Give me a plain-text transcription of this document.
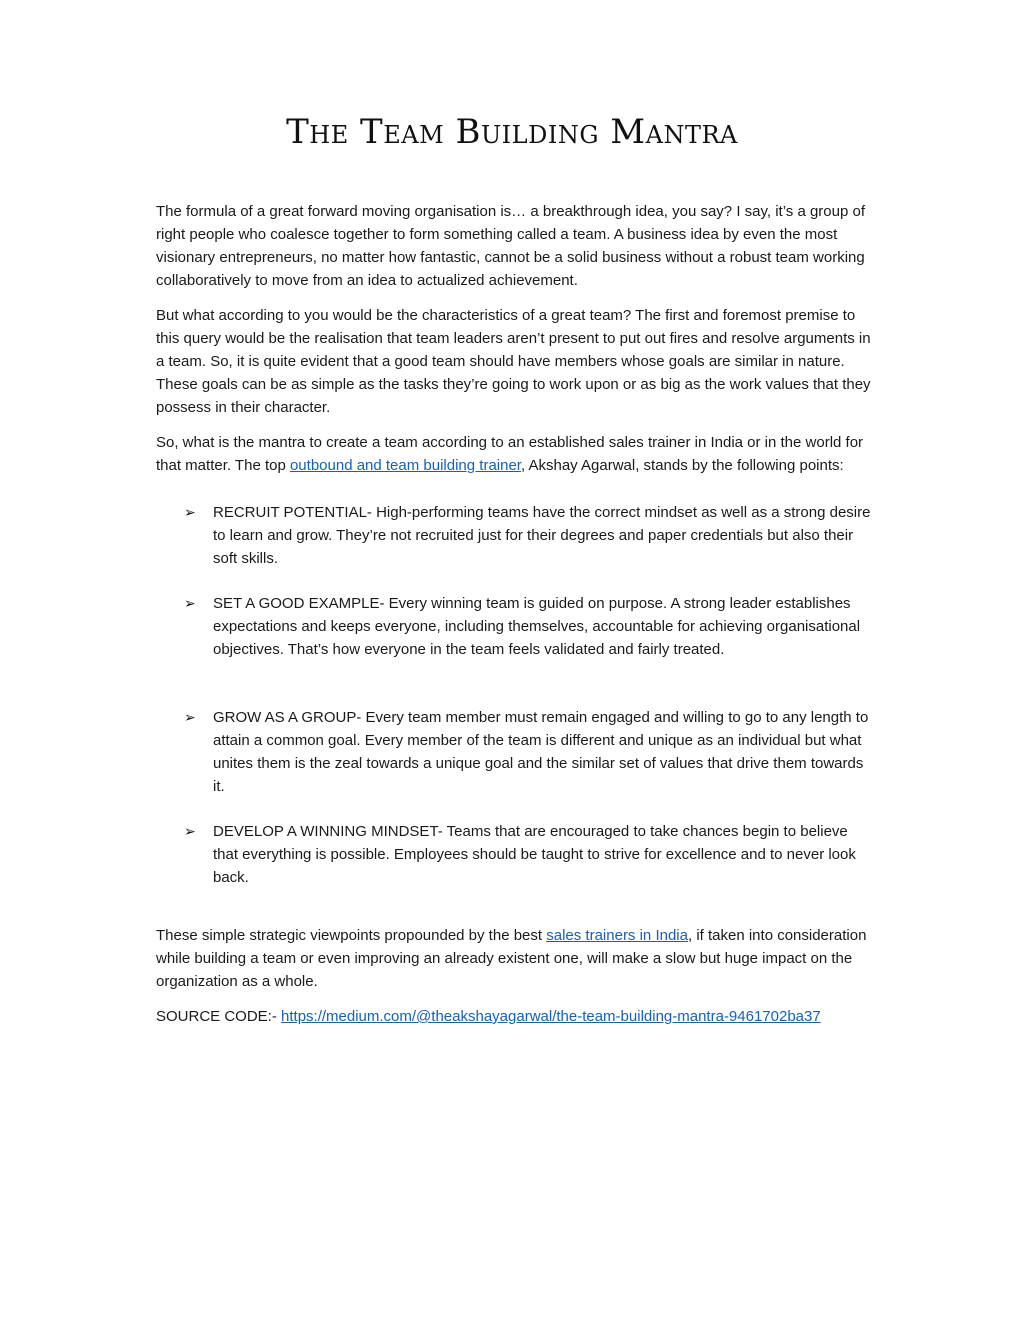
The Team Building Mantra

The formula of a great forward moving organisation is… a breakthrough idea, you say? I say, it’s a group of right people who coalesce together to form something called a team. A business idea by even the most visionary entrepreneurs, no matter how fantastic, cannot be a solid business without a robust team working collaboratively to move from an idea to actualized achievement.

But what according to you would be the characteristics of a great team? The first and foremost premise to this query would be the realisation that team leaders aren’t present to put out fires and resolve arguments in a team. So, it is quite evident that a good team should have members whose goals are similar in nature. These goals can be as simple as the tasks they’re going to work upon or as big as the work values that they possess in their character.

So, what is the mantra to create a team according to an established sales trainer in India or in the world for that matter. The top outbound and team building trainer, Akshay Agarwal, stands by the following points:

➢ RECRUIT POTENTIAL- High-performing teams have the correct mindset as well as a strong desire to learn and grow. They’re not recruited just for their degrees and paper credentials but also their soft skills.
➢ SET A GOOD EXAMPLE- Every winning team is guided on purpose. A strong leader establishes expectations and keeps everyone, including themselves, accountable for achieving organisational objectives. That’s how everyone in the team feels validated and fairly treated.
➢ GROW AS A GROUP- Every team member must remain engaged and willing to go to any length to attain a common goal. Every member of the team is different and unique as an individual but what unites them is the zeal towards a unique goal and the similar set of values that drive them towards it.
➢ DEVELOP A WINNING MINDSET- Teams that are encouraged to take chances begin to believe that everything is possible. Employees should be taught to strive for excellence and to never look back.

These simple strategic viewpoints propounded by the best sales trainers in India, if taken into consideration while building a team or even improving an already existent one, will make a slow but huge impact on the organization as a whole.

SOURCE CODE:- https://medium.com/@theakshayagarwal/the-team-building-mantra-9461702ba37
